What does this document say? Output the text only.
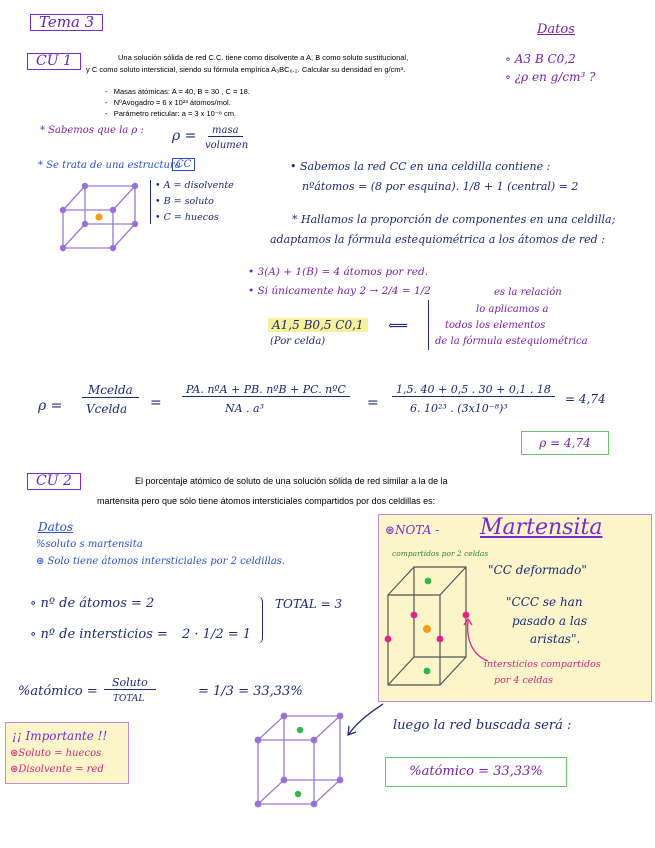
Tema 3	Datos
∘ A3 B C0,2
∘ ¿ρ en g/cm³ ?
CU 1	Una solución sólida de red C.C. tiene como disolvente a A, B como soluto sustitucional,
y C como soluto intersticial, siendo su fórmula empírica A₃BC₀.₂. Calcular su densidad en g/cm³.
-   Masas atómicas: A = 40, B = 30 , C = 18.
-   NºAvogadro = 6 x 10²³ átomos/mol.
-   Parámetro reticular: a = 3 x 10⁻⁸ cm.
* Sabemos que la ρ : ρ =	masa
volumen
* Se trata de una estructura
CC
• A = disolvente
• B = soluto
• C = huecos
• Sabemos la red CC en una celdilla contiene :
nºátomos = (8 por esquina). 1/8 + 1 (central) = 2
* Hallamos la proporción de componentes en una celdilla;
adaptamos la fórmula estequiométrica a los átomos de red :
• 3(A) + 1(B) = 4 átomos por red.
• Si únicamente hay 2 → 2/4 = 1/2	es la relación
lo aplicamos a
todos los elementos
de la fórmula estequiométrica
⟸
A1,5 B0,5 C0,1
(Por celda)
ρ =
Mcelda
Vcelda =
PA. nºA + PB. nºB + PC. nºC
NA . a³	=
1,5. 40 + 0,5 . 30 + 0,1 . 18
6. 10²³ . (3x10⁻⁸)³
= 4,74
ρ = 4,74
CU 2	El porcentaje atómico de soluto de una solución sólida de red similar a la de la
martensita pero que sólo tiene átomos intersticiales compartidos por dos celdillas es:
Datos
%soluto s martensita
⊛ Solo tiene átomos intersticiales por 2 celdillas.
∘ nº de átomos = 2
∘ nº de intersticios = 2 · 1/2 = 1
TOTAL = 3
%atómico =
Soluto
TOTAL	= 1/3 = 33,33%
¡¡ Importante !!
⊛Soluto = huecos
⊛Disolvente = red
⊛NOTA - Martensita
compartidos por 2 celdas
"CC deformado"
"CCC se han
pasado a las
aristas".
intersticios compartidos
por 4 celdas
luego la red buscada será :
%atómico = 33,33%
